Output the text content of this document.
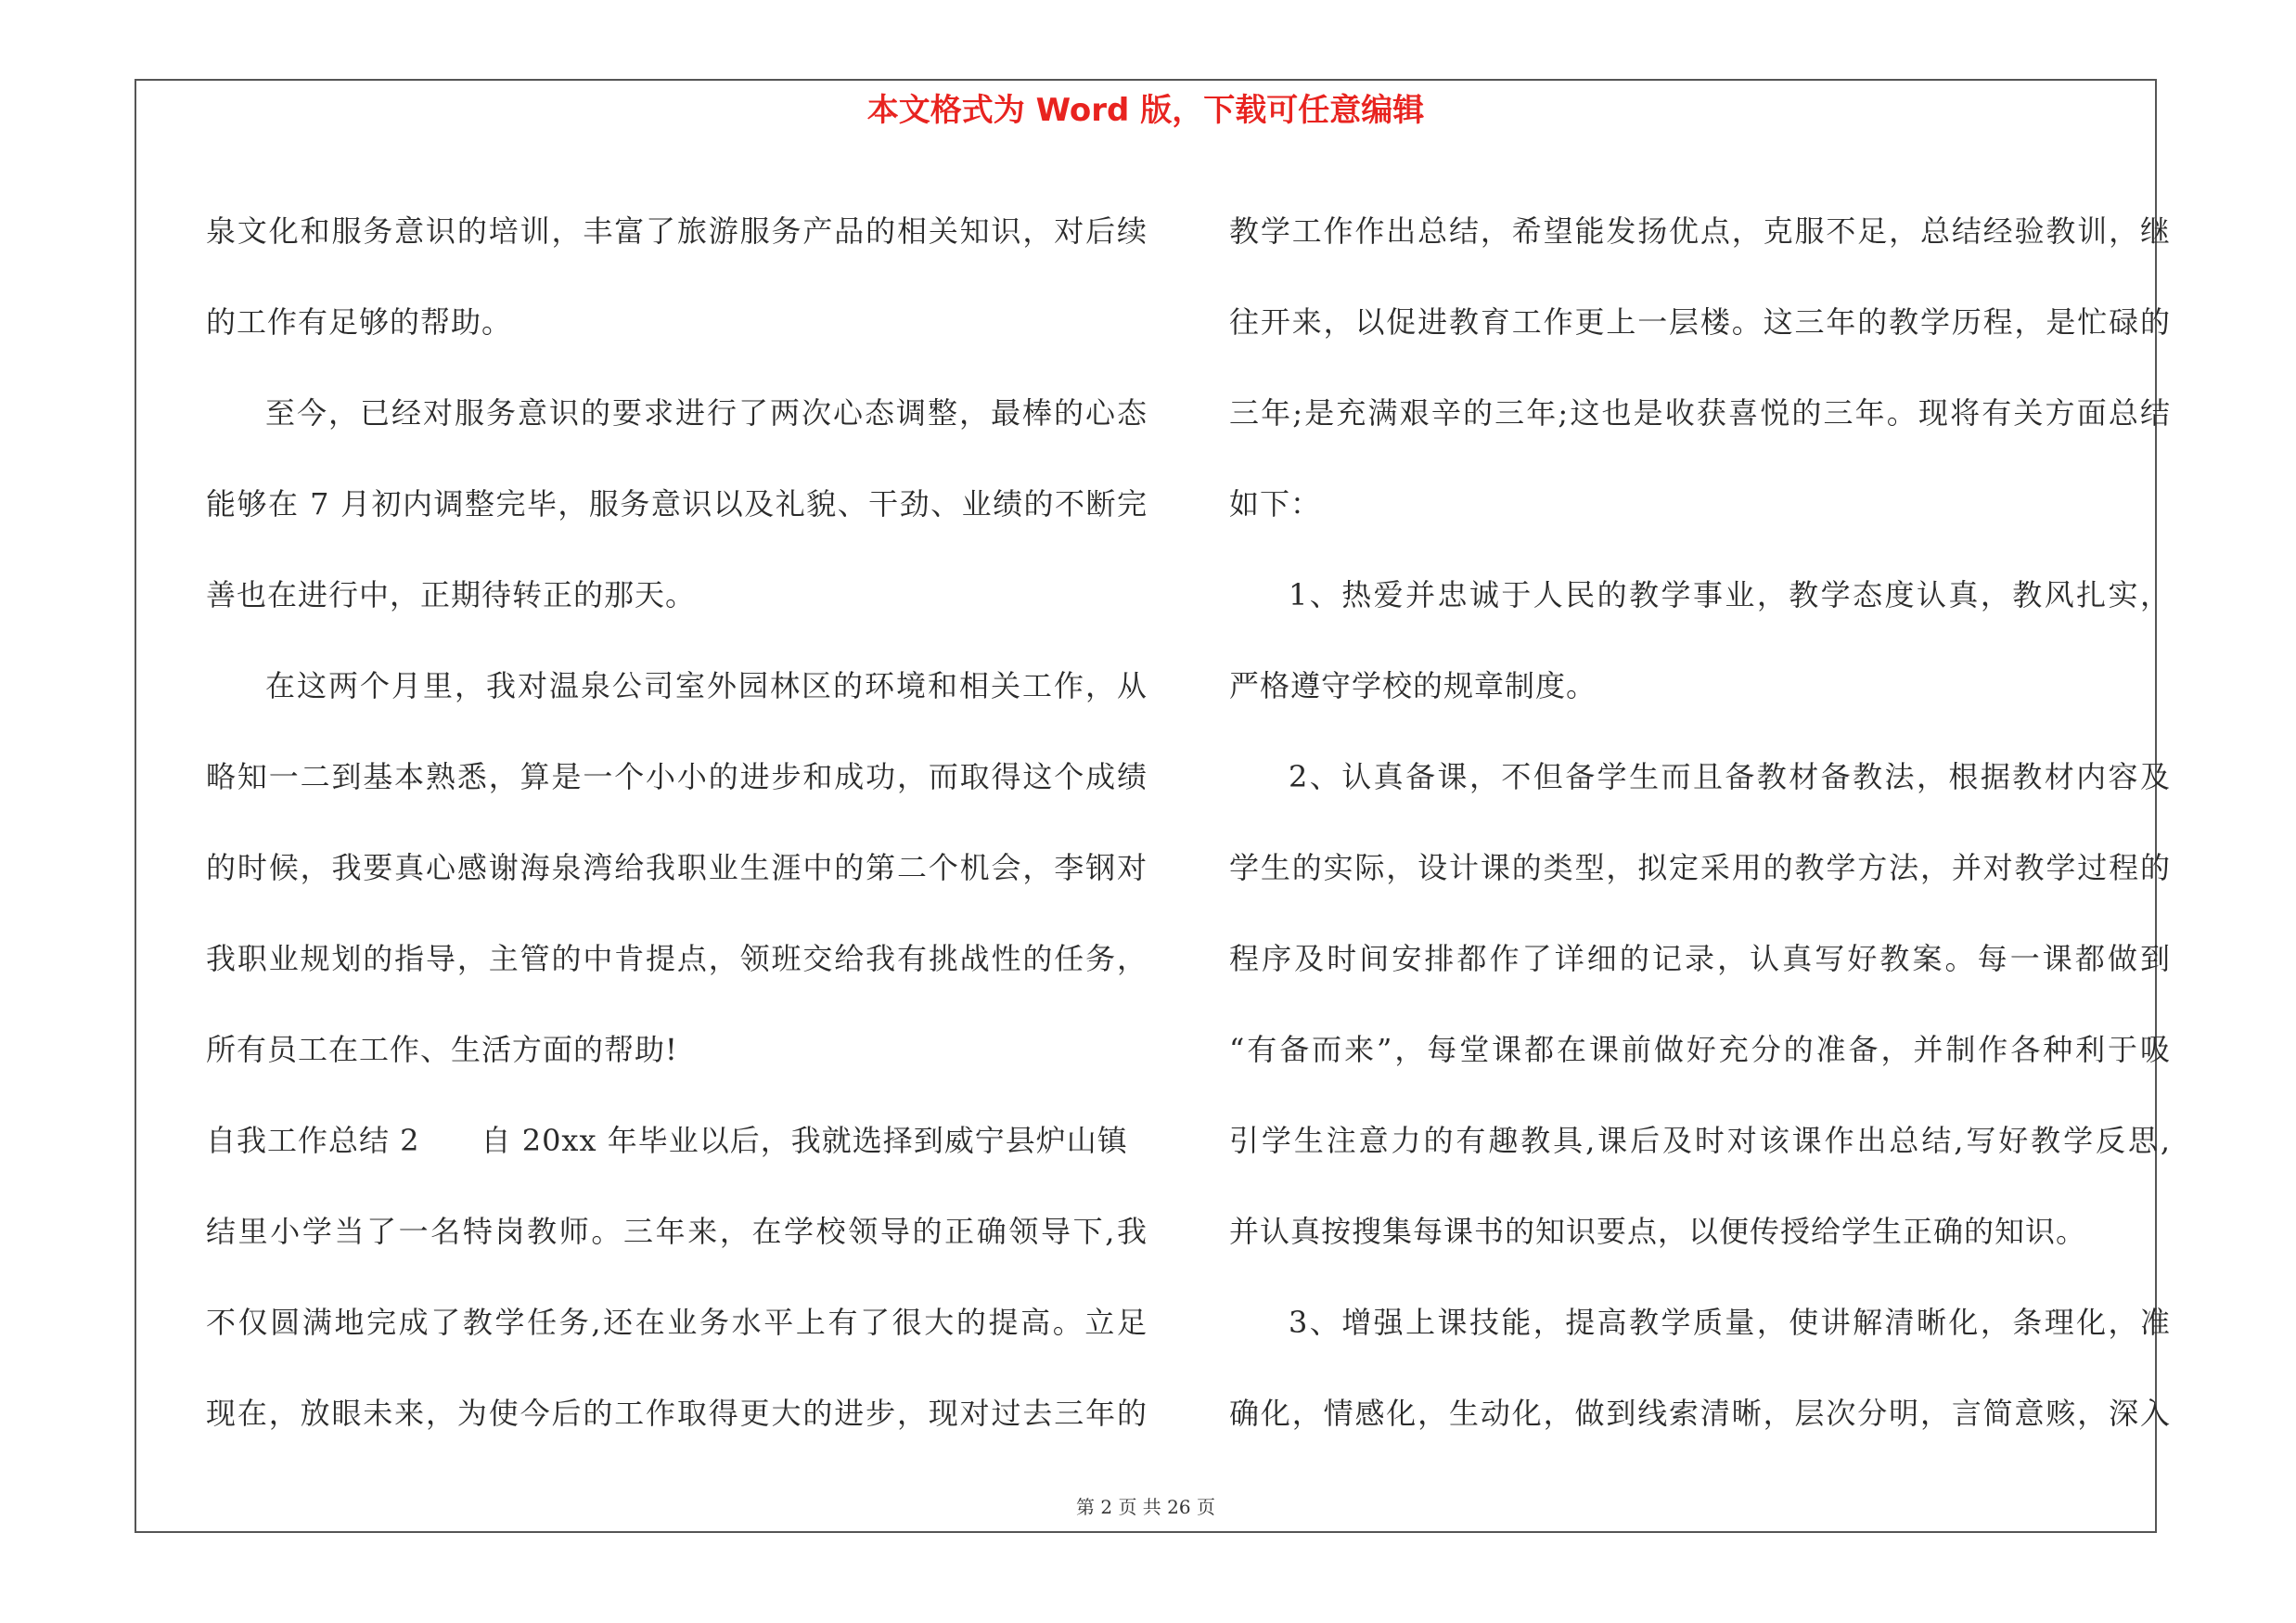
本文格式为 Word 版，下载可任意编辑
泉文化和服务意识的培训，丰富了旅游服务产品的相关知识，对后续
的工作有足够的帮助。
至今，已经对服务意识的要求进行了两次心态调整，最棒的心态
能够在 7 月初内调整完毕，服务意识以及礼貌、干劲、业绩的不断完
善也在进行中，正期待转正的那天。
在这两个月里，我对温泉公司室外园林区的环境和相关工作，从
略知一二到基本熟悉，算是一个小小的进步和成功，而取得这个成绩
的时候，我要真心感谢海泉湾给我职业生涯中的第二个机会，李钢对
我职业规划的指导，主管的中肯提点，领班交给我有挑战性的任务，
所有员工在工作、生活方面的帮助!
自我工作总结 2　　自 20xx 年毕业以后，我就选择到威宁县炉山镇
结里小学当了一名特岗教师。三年来，在学校领导的正确领导下,我
不仅圆满地完成了教学任务,还在业务水平上有了很大的提高。立足
现在，放眼未来，为使今后的工作取得更大的进步，现对过去三年的
教学工作作出总结，希望能发扬优点，克服不足，总结经验教训，继
往开来，以促进教育工作更上一层楼。这三年的教学历程，是忙碌的
三年;是充满艰辛的三年;这也是收获喜悦的三年。现将有关方面总结
如下：
1、热爱并忠诚于人民的教学事业，教学态度认真，教风扎实，
严格遵守学校的规章制度。
2、认真备课，不但备学生而且备教材备教法，根据教材内容及
学生的实际，设计课的类型，拟定采用的教学方法，并对教学过程的
程序及时间安排都作了详细的记录，认真写好教案。每一课都做到
“有备而来”，每堂课都在课前做好充分的准备，并制作各种利于吸
引学生注意力的有趣教具,课后及时对该课作出总结,写好教学反思,
并认真按搜集每课书的知识要点，以便传授给学生正确的知识。
3、增强上课技能，提高教学质量，使讲解清晰化，条理化，准
确化，情感化，生动化，做到线索清晰，层次分明，言简意赅，深入
第 2 页 共 26 页
